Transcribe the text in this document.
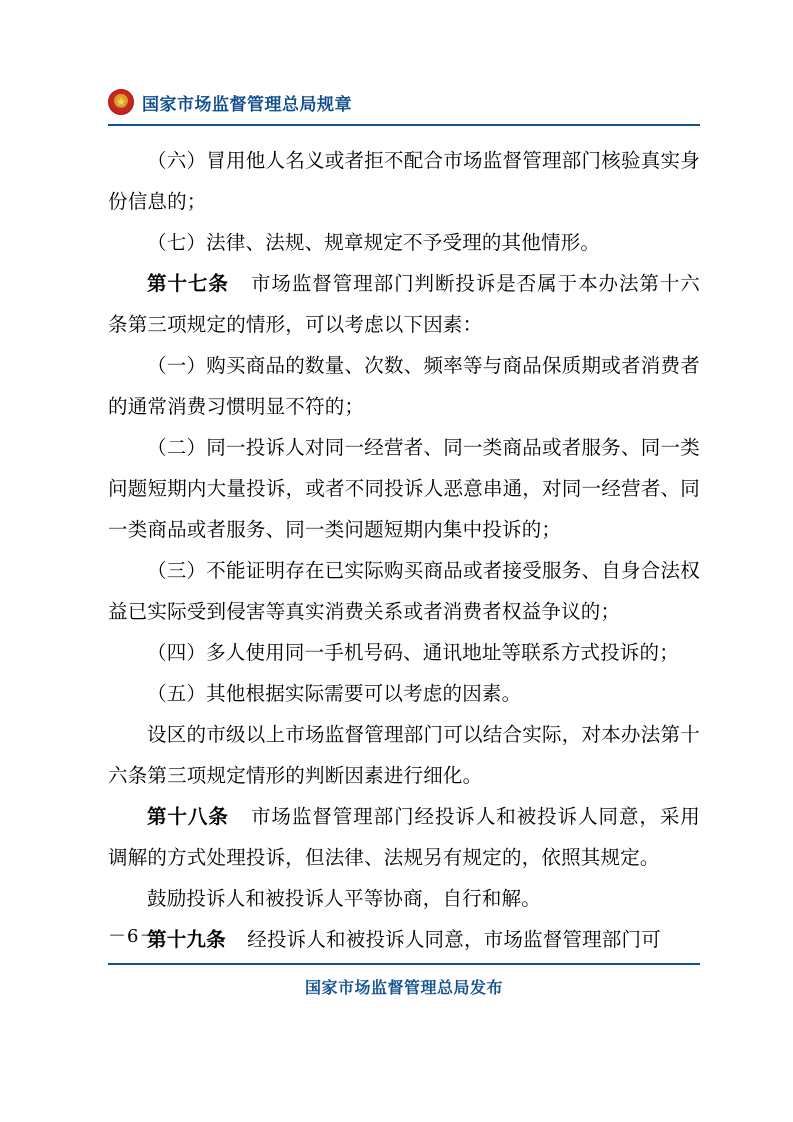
★
国家市场监督管理总局规章

（六）冒用他人名义或者拒不配合市场监督管理部门核验真实身份信息的；

（七）法律、法规、规章规定不予受理的其他情形。

第十七条 市场监督管理部门判断投诉是否属于本办法第十六条第三项规定的情形，可以考虑以下因素：

（一）购买商品的数量、次数、频率等与商品保质期或者消费者的通常消费习惯明显不符的；

（二）同一投诉人对同一经营者、同一类商品或者服务、同一类问题短期内大量投诉，或者不同投诉人恶意串通，对同一经营者、同一类商品或者服务、同一类问题短期内集中投诉的；

（三）不能证明存在已实际购买商品或者接受服务、自身合法权益已实际受到侵害等真实消费关系或者消费者权益争议的；

（四）多人使用同一手机号码、通讯地址等联系方式投诉的；

（五）其他根据实际需要可以考虑的因素。

设区的市级以上市场监督管理部门可以结合实际，对本办法第十六条第三项规定情形的判断因素进行细化。

第十八条 市场监督管理部门经投诉人和被投诉人同意，采用调解的方式处理投诉，但法律、法规另有规定的，依照其规定。

鼓励投诉人和被投诉人平等协商，自行和解。

第十九条 经投诉人和被投诉人同意，市场监督管理部门可

－6－
国家市场监督管理总局发布
